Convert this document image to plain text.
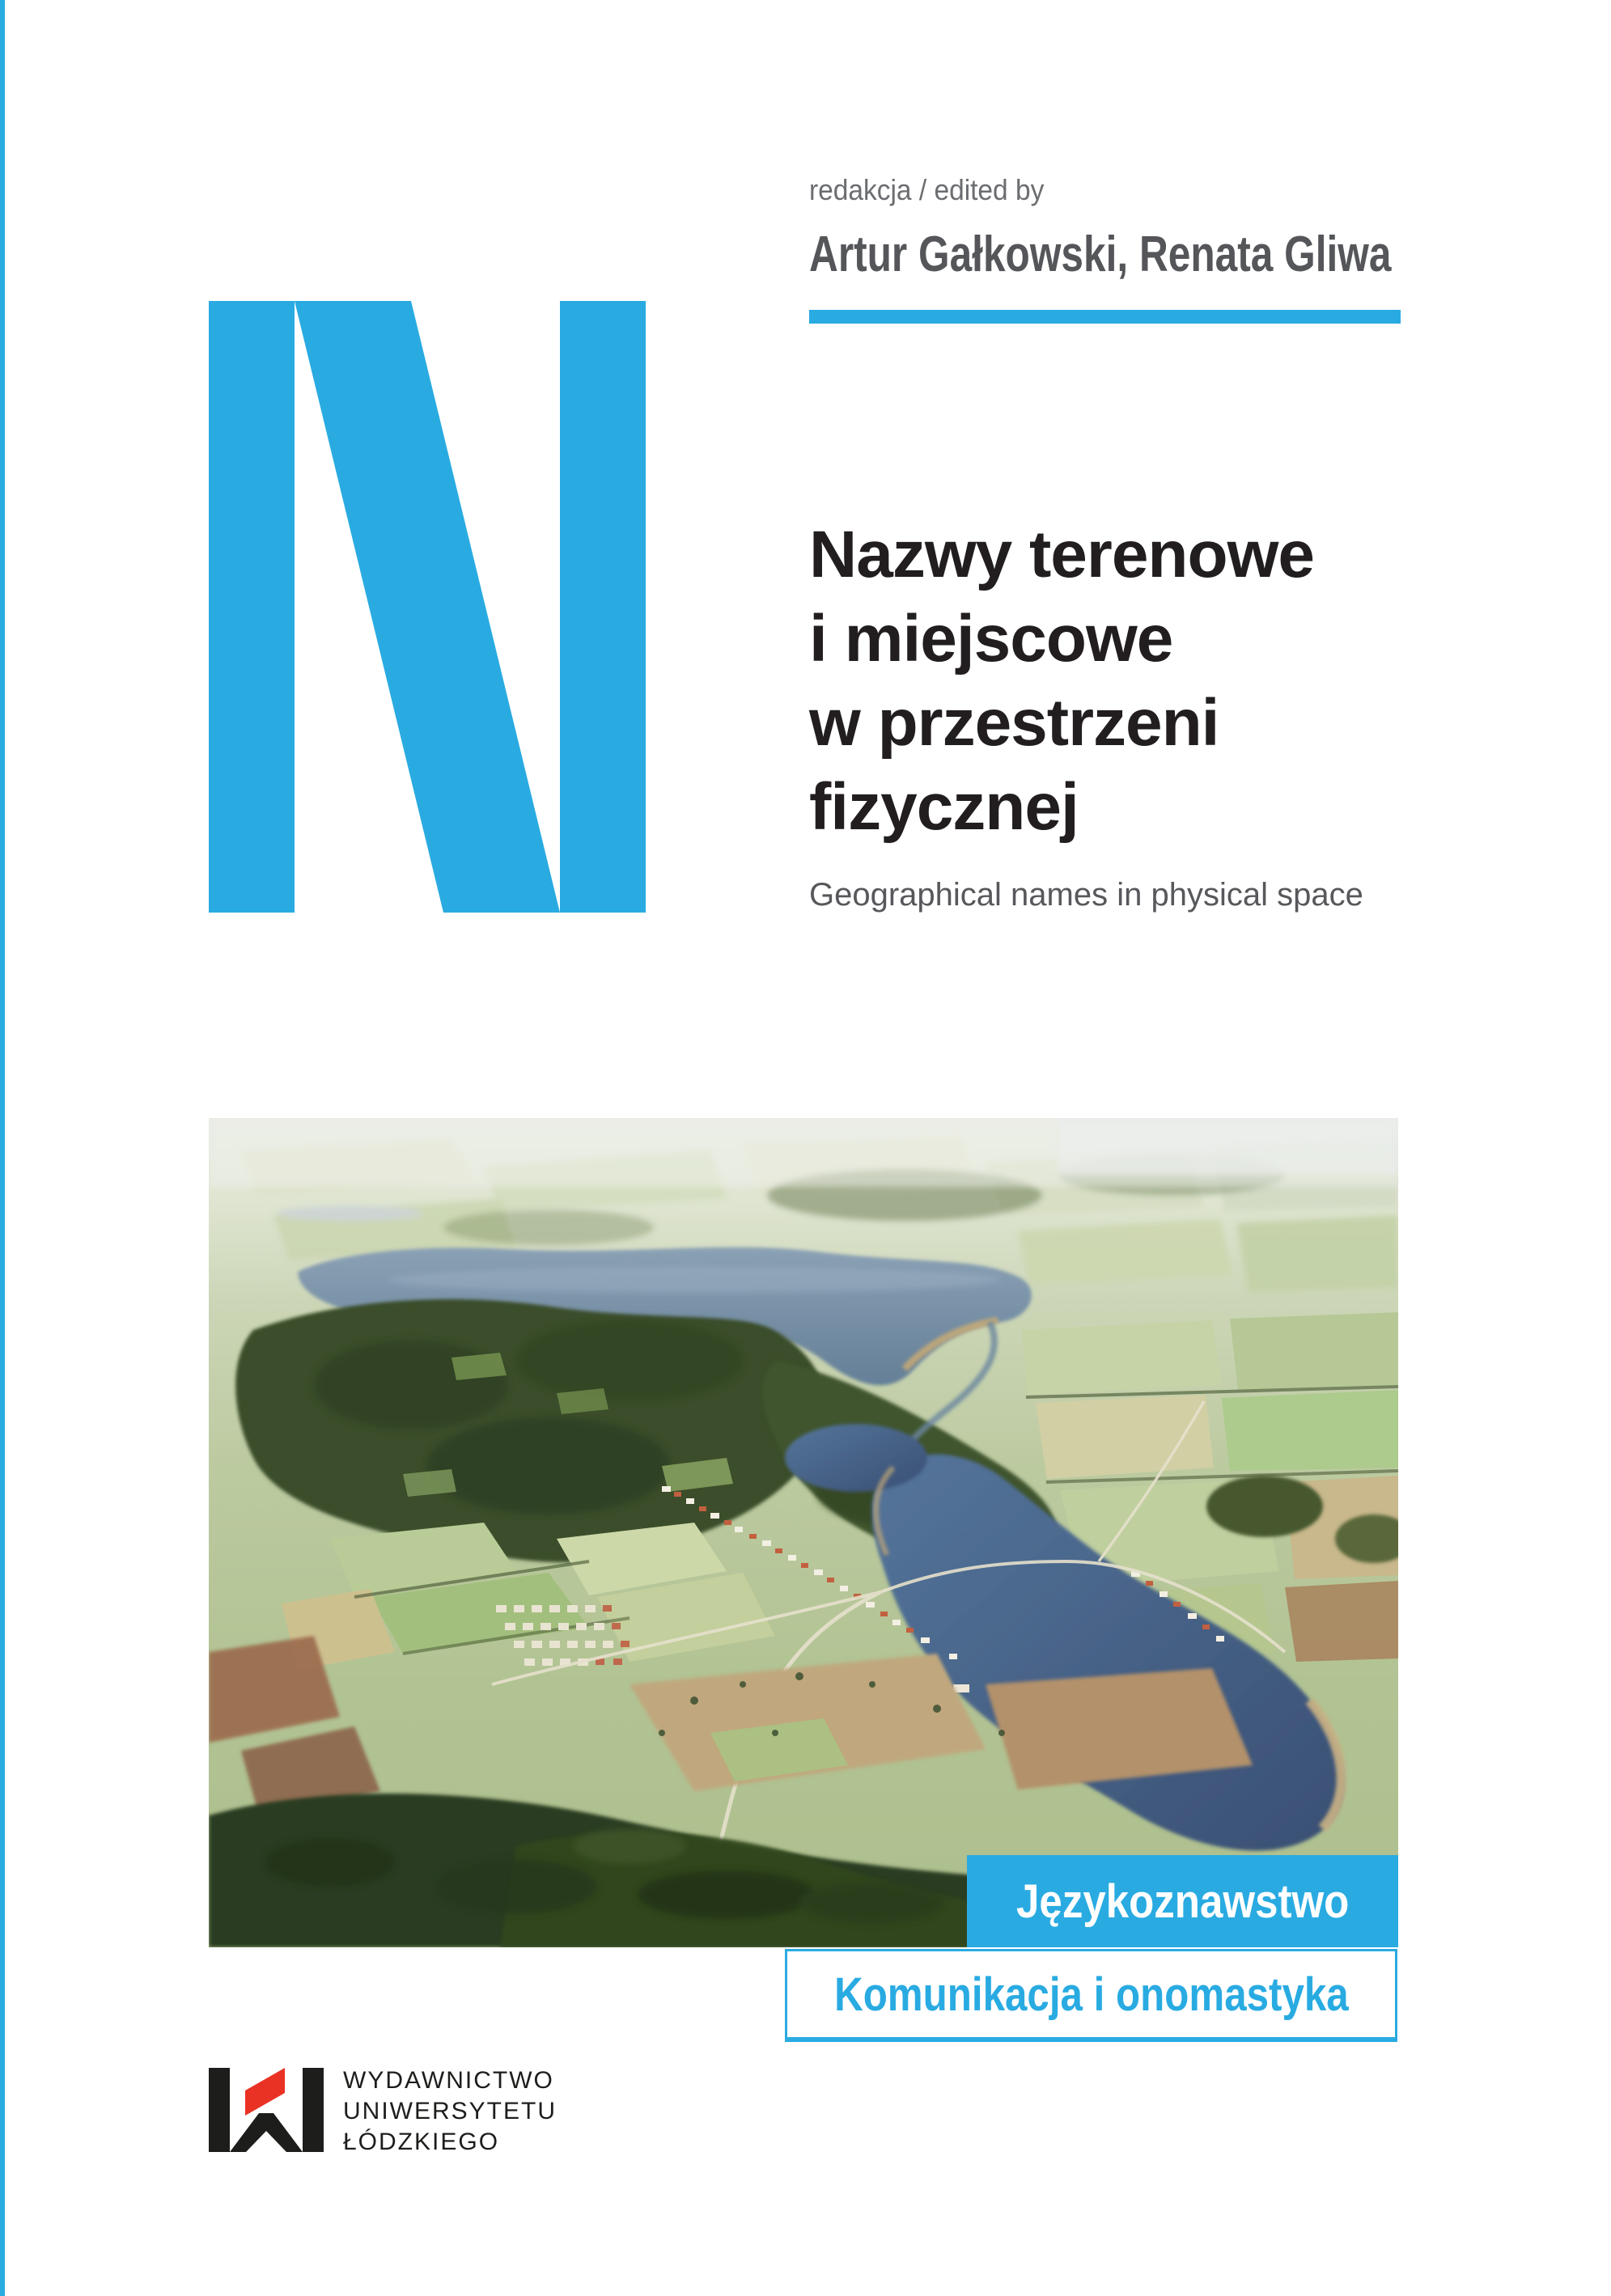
redakcja / edited by
Artur Gałkowski, Renata Gliwa
Nazwy terenowe
i miejscowe
w przestrzeni
fizycznej
Geographical names in physical space
Językoznawstwo
Komunikacja i onomastyka
WYDAWNICTWO
UNIWERSYTETU
ŁÓDZKIEGO
